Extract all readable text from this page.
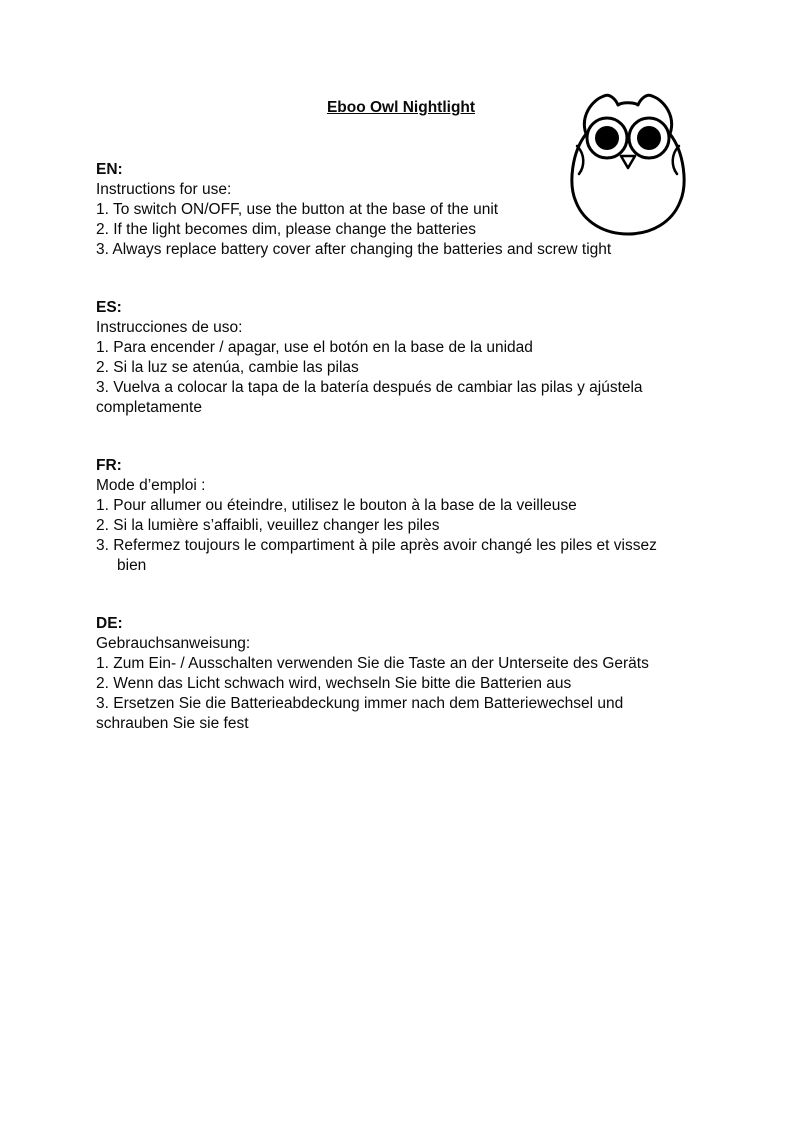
Eboo Owl Nightlight

EN:

Instructions for use:

1. To switch ON/OFF, use the button at the base of the unit

2. If the light becomes dim, please change the batteries

3. Always replace battery cover after changing the batteries and screw tight

ES:

Instrucciones de uso:

1. Para encender / apagar, use el botón en la base de la unidad

2. Si la luz se atenúa, cambie las pilas

3. Vuelva a colocar la tapa de la batería después de cambiar las pilas y ajústela completamente

FR:

Mode d’emploi :

1. Pour allumer ou éteindre, utilisez le bouton à la base de la veilleuse

2. Si la lumière s’affaibli, veuillez changer les piles

3. Refermez toujours le compartiment à pile après avoir changé les piles et vissez bien

DE:

Gebrauchsanweisung:

1. Zum Ein- / Ausschalten verwenden Sie die Taste an der Unterseite des Geräts

2. Wenn das Licht schwach wird, wechseln Sie bitte die Batterien aus

3. Ersetzen Sie die Batterieabdeckung immer nach dem Batteriewechsel und schrauben Sie sie fest
